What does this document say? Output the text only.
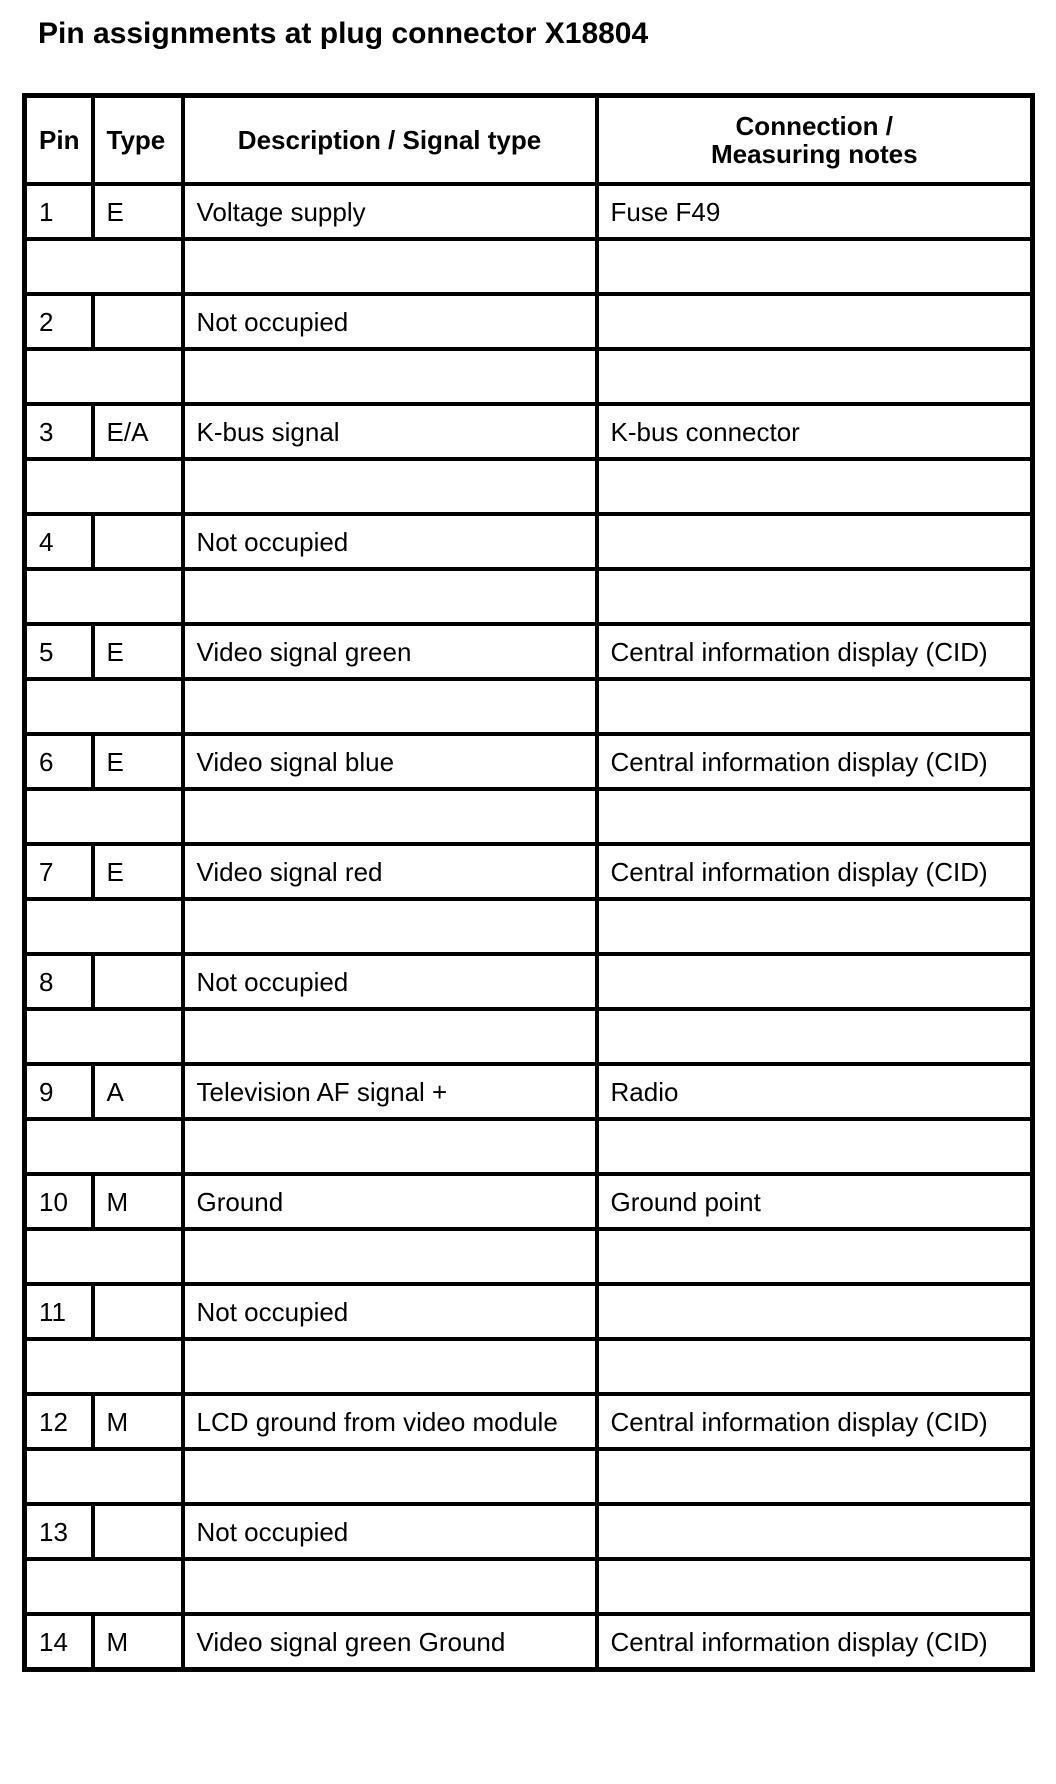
Pin assignments at plug connector X18804
Pin	Type	Description / Signal type	Connection /
Measuring notes
1	E	Voltage supply	Fuse F49

2		Not occupied	

3	E/A	K-bus signal	K-bus connector

4		Not occupied	

5	E	Video signal green	Central information display (CID)

6	E	Video signal blue	Central information display (CID)

7	E	Video signal red	Central information display (CID)

8		Not occupied	

9	A	Television AF signal +	Radio

10	M	Ground	Ground point

11		Not occupied	

12	M	LCD ground from video module	Central information display (CID)

13		Not occupied	

14	M	Video signal green Ground	Central information display (CID)
